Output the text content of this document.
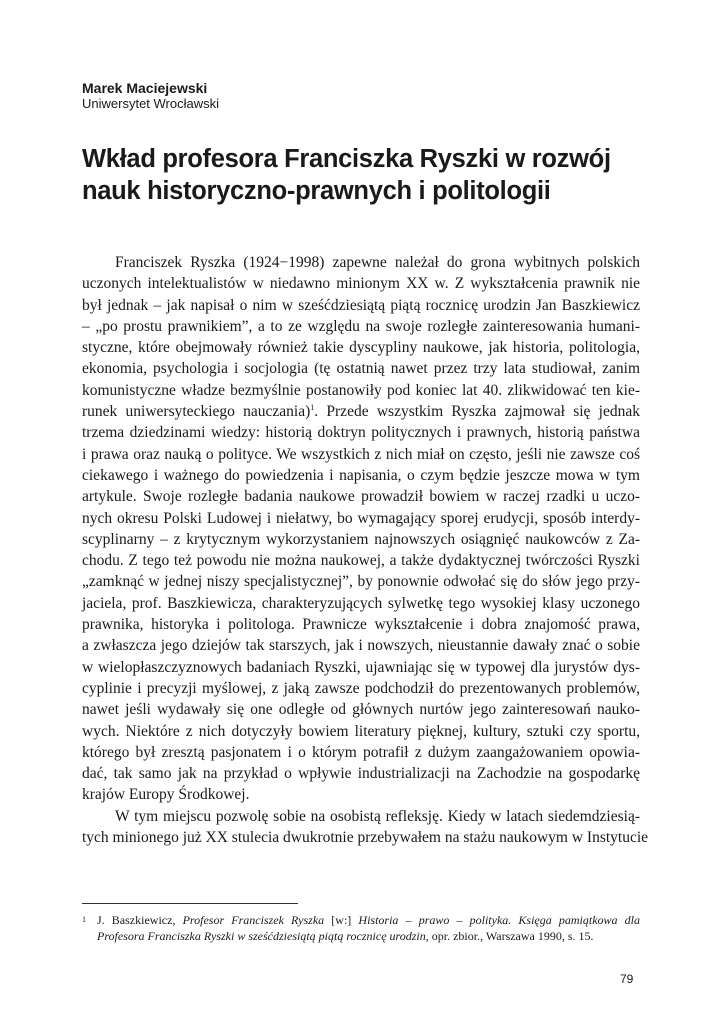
Marek Maciejewski

Uniwersytet Wrocławski

Wkład profesora Franciszka Ryszki w rozwój
nauk historyczno-prawnych i politologii
Franciszek Ryszka (1924−1998) zapewne należał do grona wybitnych polskich
uczonych intelektualistów w niedawno minionym XX w. Z wykształcenia prawnik nie
był jednak – jak napisał o nim w sześćdziesiątą piątą rocznicę urodzin Jan Baszkiewicz
– „po prostu prawnikiem”, a to ze względu na swoje rozległe zainteresowania humani-
styczne, które obejmowały również takie dyscypliny naukowe, jak historia, politologia,
ekonomia, psychologia i socjologia (tę ostatnią nawet przez trzy lata studiował, zanim
komunistyczne władze bezmyślnie postanowiły pod koniec lat 40. zlikwidować ten kie-
runek uniwersyteckiego nauczania)$^1$. Przede wszystkim Ryszka zajmował się jednak
trzema dziedzinami wiedzy: historią doktryn politycznych i prawnych, historią państwa
i prawa oraz nauką o polityce. We wszystkich z nich miał on często, jeśli nie zawsze coś
ciekawego i ważnego do powiedzenia i napisania, o czym będzie jeszcze mowa w tym
artykule. Swoje rozległe badania naukowe prowadził bowiem w raczej rzadki u uczo-
nych okresu Polski Ludowej i niełatwy, bo wymagający sporej erudycji, sposób interdy-
scyplinarny – z krytycznym wykorzystaniem najnowszych osiągnięć naukowców z Za-
chodu. Z tego też powodu nie można naukowej, a także dydaktycznej twórczości Ryszki
„zamknąć w jednej niszy specjalistycznej”, by ponownie odwołać się do słów jego przy-
jaciela, prof. Baszkiewicza, charakteryzujących sylwetkę tego wysokiej klasy uczonego
prawnika, historyka i politologa. Prawnicze wykształcenie i dobra znajomość prawa,
a zwłaszcza jego dziejów tak starszych, jak i nowszych, nieustannie dawały znać o sobie
w wielopłaszczyznowych badaniach Ryszki, ujawniając się w typowej dla jurystów dys-
cyplinie i precyzji myślowej, z jaką zawsze podchodził do prezentowanych problemów,
nawet jeśli wydawały się one odległe od głównych nurtów jego zainteresowań nauko-
wych. Niektóre z nich dotyczyły bowiem literatury pięknej, kultury, sztuki czy sportu,
którego był zresztą pasjonatem i o którym potrafił z dużym zaangażowaniem opowia-
dać, tak samo jak na przykład o wpływie industrializacji na Zachodzie na gospodarkę
krajów Europy Środkowej.
W tym miejscu pozwolę sobie na osobistą refleksję. Kiedy w latach siedemdziesią-
tych minionego już XX stulecia dwukrotnie przebywałem na stażu naukowym w Instytucie
1 J. Baszkiewicz, Profesor Franciszek Ryszka [w:] Historia – prawo – polityka. Księga pamiątkowa dla
Profesora Franciszka Ryszki w sześćdziesiątą piątą rocznicę urodzin, opr. zbior., Warszawa 1990, s. 15.
79
